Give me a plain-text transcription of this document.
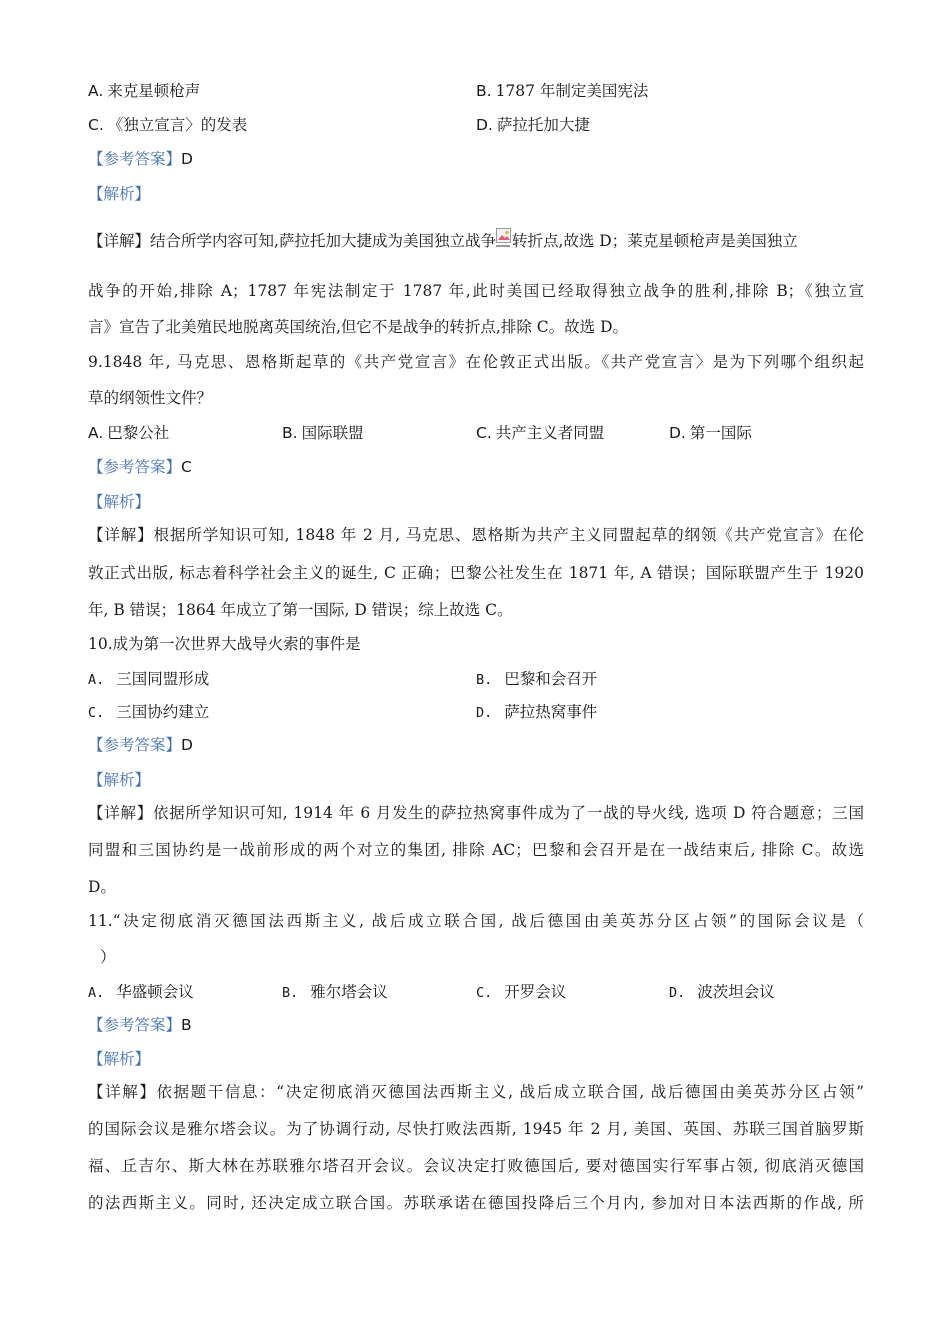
A. 来克星顿枪声	B. 1787 年制定美国宪法
C. 《独立宣言〉的发表	D. 萨拉托加大捷
【参考答案】D
【解析】
【详解】结合所学内容可知,萨拉托加大捷成为美国独立战争 转折点,故选 D；莱克星顿枪声是美国独立
战争的开始,排除 A；1787 年宪法制定于 1787 年,此时美国已经取得独立战争的胜利,排除 B；《独立宣
言》宣告了北美殖民地脱离英国统治,但它不是战争的转折点,排除 C。故选 D。
9.1848 年, 马克思、恩格斯起草的《共产党宣言》在伦敦正式出版。《共产党宣言〉是为下列哪个组织起
草的纲领性文件？
A. 巴黎公社	B. 国际联盟	C. 共产主义者同盟	D. 第一国际
【参考答案】C
【解析】
【详解】根据所学知识可知, 1848 年 2 月, 马克思、恩格斯为共产主义同盟起草的纲领《共产党宣言》在伦
敦正式出版, 标志着科学社会主义的诞生, C 正确；巴黎公社发生在 1871 年, A 错误；国际联盟产生于 1920
年, B 错误；1864 年成立了第一国际, D 错误；综上故选 C。
10.成为第一次世界大战导火索的事件是
A. 三国同盟形成	B. 巴黎和会召开
C. 三国协约建立	D. 萨拉热窝事件
【参考答案】D
【解析】
【详解】依据所学知识可知, 1914 年 6 月发生的萨拉热窝事件成为了一战的导火线, 选项 D 符合题意；三国
同盟和三国协约是一战前形成的两个对立的集团, 排除 AC；巴黎和会召开是在一战结束后, 排除 C。故选
D。
11.“决定彻底消灭德国法西斯主义, 战后成立联合国, 战后德国由美英苏分区占领”的国际会议是（
）
A. 华盛顿会议	B. 雅尔塔会议	C. 开罗会议	D. 波茨坦会议
【参考答案】B
【解析】
【详解】依据题干信息：“决定彻底消灭德国法西斯主义, 战后成立联合国, 战后德国由美英苏分区占领”
的国际会议是雅尔塔会议。为了协调行动, 尽快打败法西斯, 1945 年 2 月, 美国、英国、苏联三国首脑罗斯
福、丘吉尔、斯大林在苏联雅尔塔召开会议。会议决定打败德国后, 要对德国实行军事占领, 彻底消灭德国
的法西斯主义。同时, 还决定成立联合国。苏联承诺在德国投降后三个月内, 参加对日本法西斯的作战, 所
